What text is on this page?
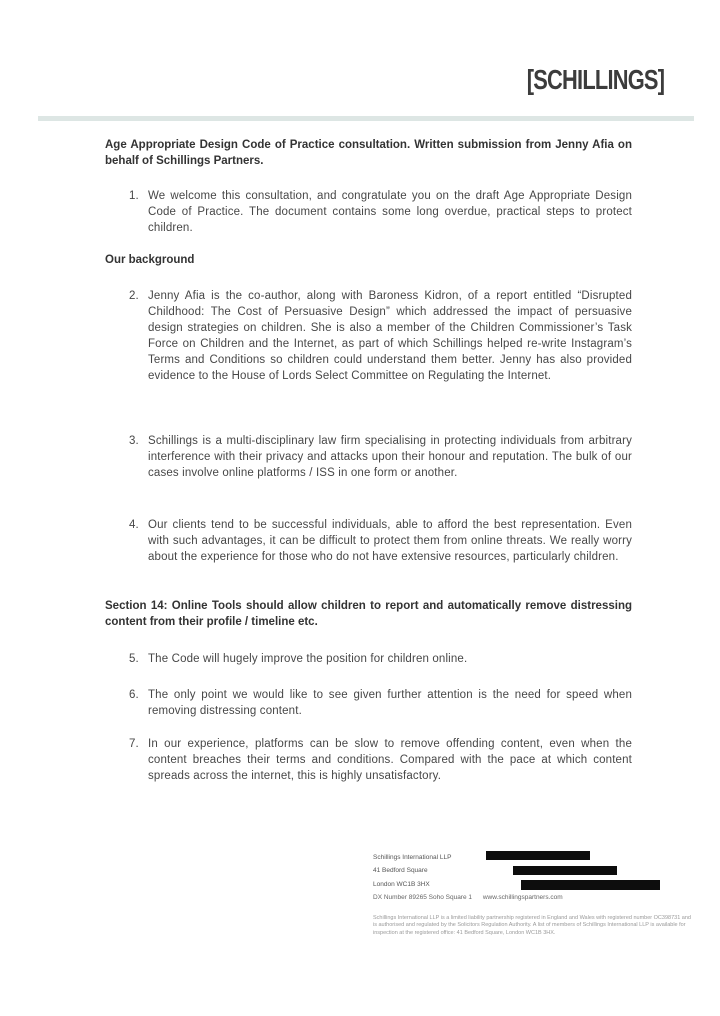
[SCHILLINGS]
Age Appropriate Design Code of Practice consultation. Written submission from Jenny Afia on behalf of Schillings Partners.
1. We welcome this consultation, and congratulate you on the draft Age Appropriate Design Code of Practice. The document contains some long overdue, practical steps to protect children.
Our background
2. Jenny Afia is the co-author, along with Baroness Kidron, of a report entitled “Disrupted Childhood: The Cost of Persuasive Design” which addressed the impact of persuasive design strategies on children. She is also a member of the Children Commissioner’s Task Force on Children and the Internet, as part of which Schillings helped re-write Instagram’s Terms and Conditions so children could understand them better. Jenny has also provided evidence to the House of Lords Select Committee on Regulating the Internet.
3. Schillings is a multi-disciplinary law firm specialising in protecting individuals from arbitrary interference with their privacy and attacks upon their honour and reputation. The bulk of our cases involve online platforms / ISS in one form or another.
4. Our clients tend to be successful individuals, able to afford the best representation. Even with such advantages, it can be difficult to protect them from online threats. We really worry about the experience for those who do not have extensive resources, particularly children.
Section 14: Online Tools should allow children to report and automatically remove distressing content from their profile / timeline etc.
5. The Code will hugely improve the position for children online.
6. The only point we would like to see given further attention is the need for speed when removing distressing content.
7. In our experience, platforms can be slow to remove offending content, even when the content breaches their terms and conditions. Compared with the pace at which content spreads across the internet, this is highly unsatisfactory.
Schillings International LLP
41 Bedford Square
London WC1B 3HX
DX Number 89265 Soho Square 1      www.schillingspartners.com
Schillings International LLP is a limited liability partnership registered in England and Wales with registered number OC398731 and is authorised and regulated by the Solicitors Regulation Authority. A list of members of Schillings International LLP is available for inspection at the registered office: 41 Bedford Square, London WC1B 3HX.
